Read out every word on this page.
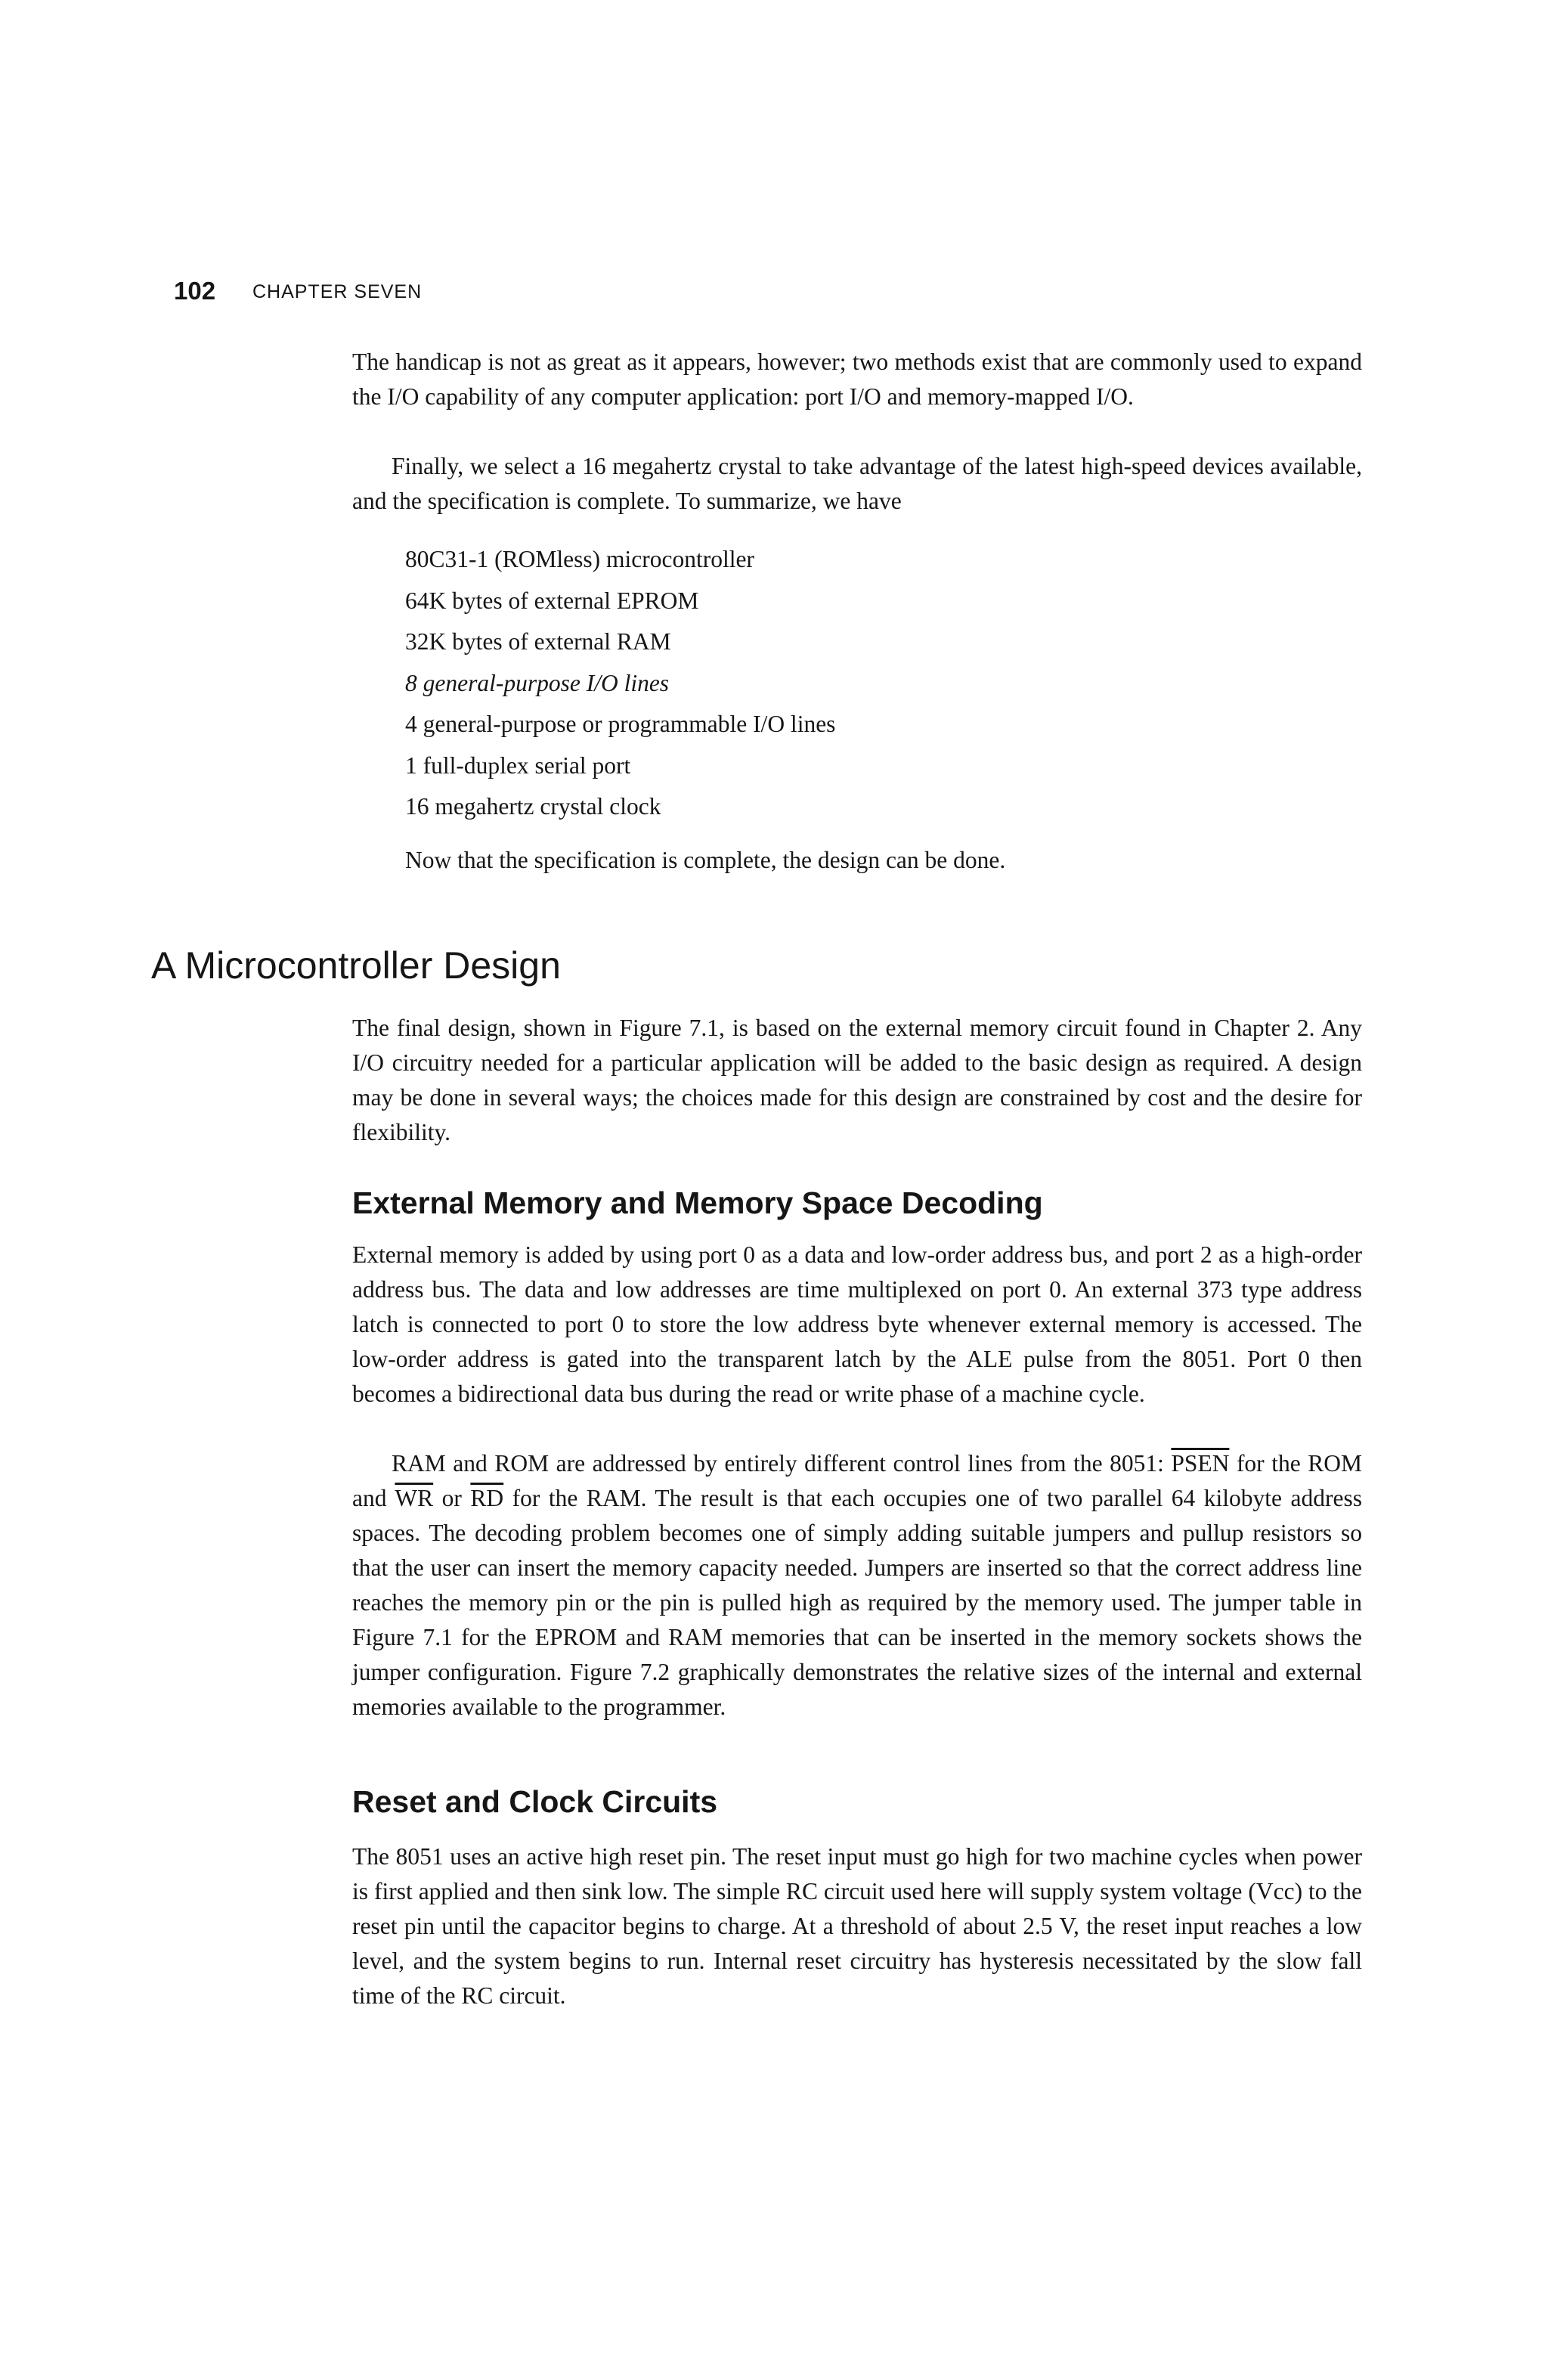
102 CHAPTER SEVEN
The handicap is not as great as it appears, however; two methods exist that are commonly used to expand the I/O capability of any computer application: port I/O and memory-mapped I/O.
Finally, we select a 16 megahertz crystal to take advantage of the latest high-speed devices available, and the specification is complete. To summarize, we have
80C31-1 (ROMless) microcontroller
64K bytes of external EPROM
32K bytes of external RAM
8 general-purpose I/O lines
4 general-purpose or programmable I/O lines
1 full-duplex serial port
16 megahertz crystal clock
Now that the specification is complete, the design can be done.
A Microcontroller Design
The final design, shown in Figure 7.1, is based on the external memory circuit found in Chapter 2. Any I/O circuitry needed for a particular application will be added to the basic design as required. A design may be done in several ways; the choices made for this design are constrained by cost and the desire for flexibility.
External Memory and Memory Space Decoding
External memory is added by using port 0 as a data and low-order address bus, and port 2 as a high-order address bus. The data and low addresses are time multiplexed on port 0. An external 373 type address latch is connected to port 0 to store the low address byte whenever external memory is accessed. The low-order address is gated into the transparent latch by the ALE pulse from the 8051. Port 0 then becomes a bidirectional data bus during the read or write phase of a machine cycle.
RAM and ROM are addressed by entirely different control lines from the 8051: PSEN for the ROM and $\overline{WR}$ or $\overline{RD}$ for the RAM. The result is that each occupies one of two parallel 64 kilobyte address spaces. The decoding problem becomes one of simply adding suitable jumpers and pullup resistors so that the user can insert the memory capacity needed. Jumpers are inserted so that the correct address line reaches the memory pin or the pin is pulled high as required by the memory used. The jumper table in Figure 7.1 for the EPROM and RAM memories that can be inserted in the memory sockets shows the jumper configuration. Figure 7.2 graphically demonstrates the relative sizes of the internal and external memories available to the programmer.
Reset and Clock Circuits
The 8051 uses an active high reset pin. The reset input must go high for two machine cycles when power is first applied and then sink low. The simple RC circuit used here will supply system voltage (Vcc) to the reset pin until the capacitor begins to charge. At a threshold of about 2.5 V, the reset input reaches a low level, and the system begins to run. Internal reset circuitry has hysteresis necessitated by the slow fall time of the RC circuit.
